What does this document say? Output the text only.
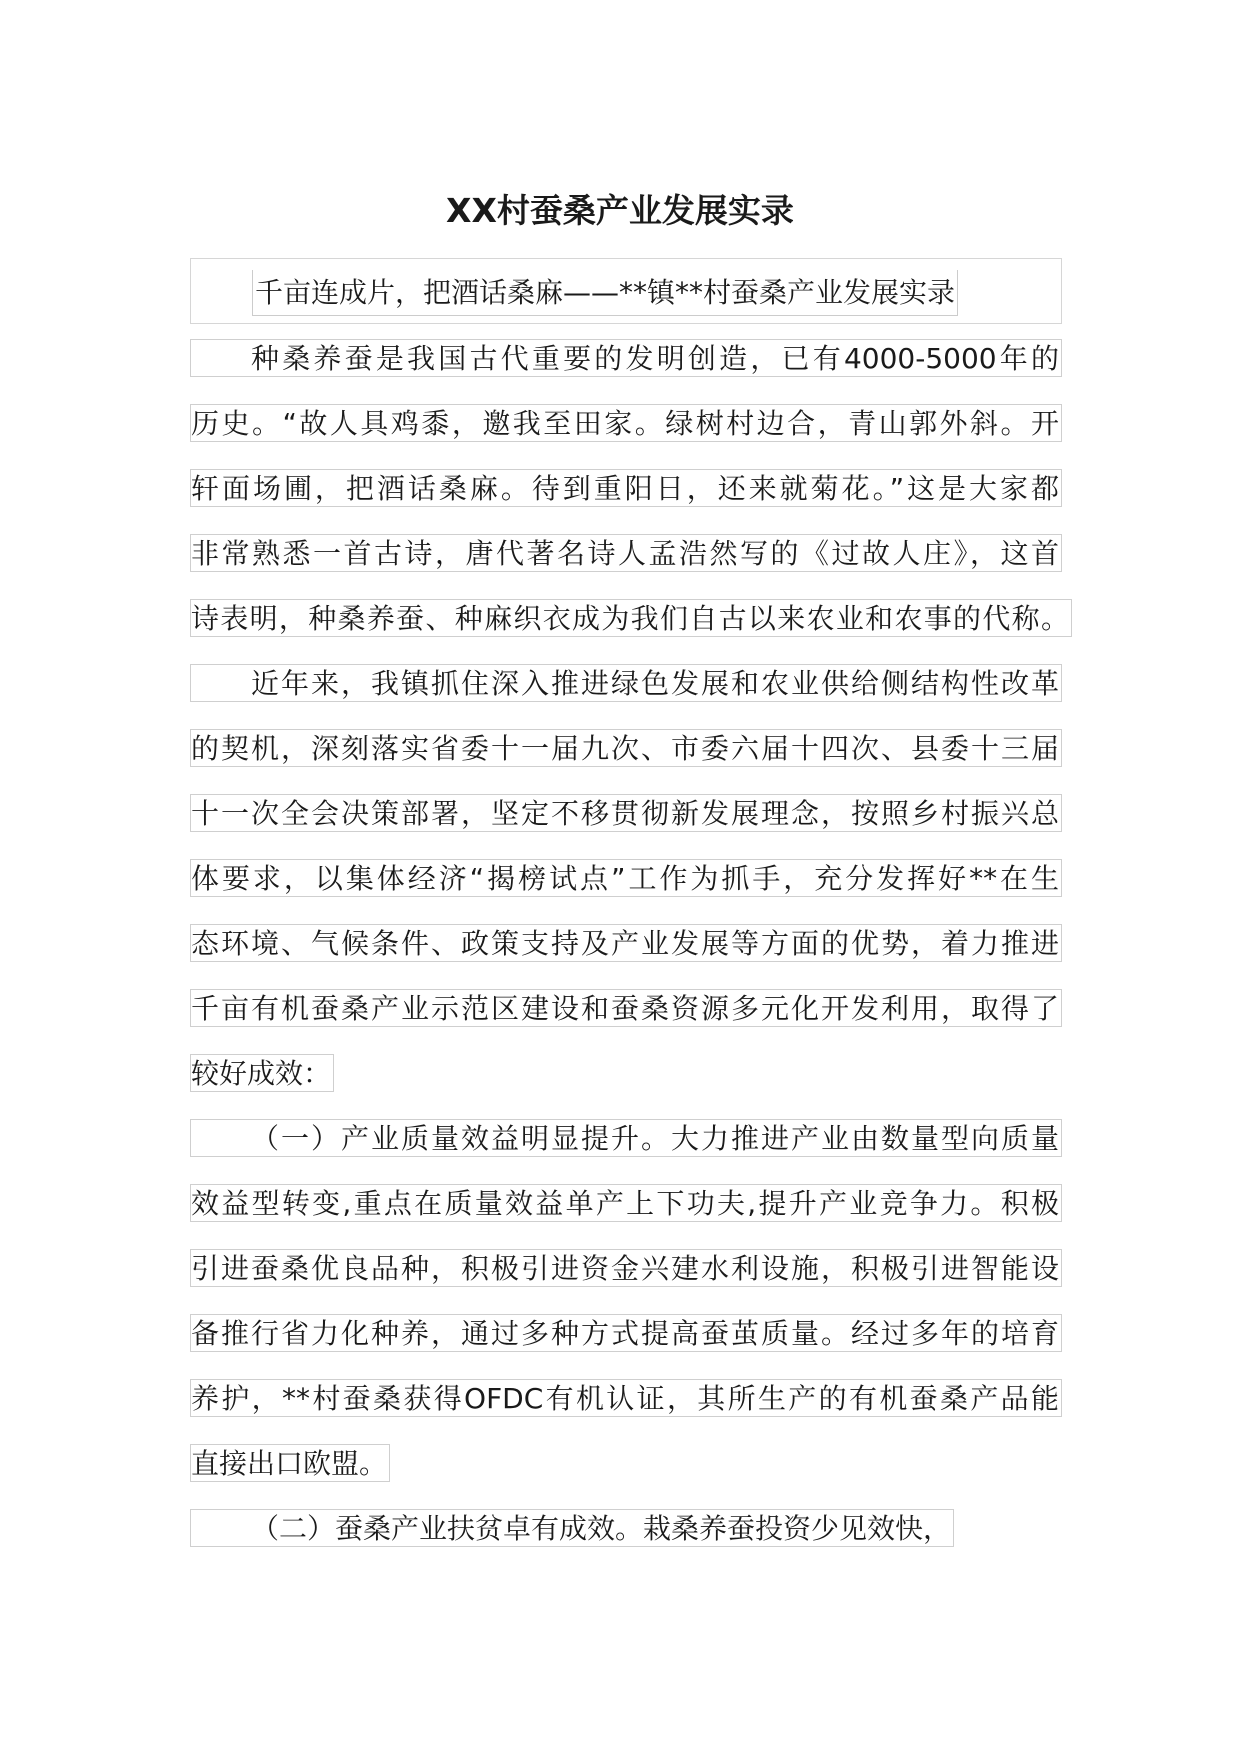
XX村蚕桑产业发展实录
千亩连成片，把酒话桑麻——**镇**村蚕桑产业发展实录
种桑养蚕是我国古代重要的发明创造，已有4000-5000年的
历史。“故人具鸡黍，邀我至田家。绿树村边合，青山郭外斜。开
轩面场圃，把酒话桑麻。待到重阳日，还来就菊花。”这是大家都
非常熟悉一首古诗，唐代著名诗人孟浩然写的《过故人庄》，这首
诗表明，种桑养蚕、种麻织衣成为我们自古以来农业和农事的代称。
近年来，我镇抓住深入推进绿色发展和农业供给侧结构性改革
的契机，深刻落实省委十一届九次、市委六届十四次、县委十三届
十一次全会决策部署，坚定不移贯彻新发展理念，按照乡村振兴总
体要求，以集体经济“揭榜试点”工作为抓手，充分发挥好**在生
态环境、气候条件、政策支持及产业发展等方面的优势，着力推进
千亩有机蚕桑产业示范区建设和蚕桑资源多元化开发利用，取得了
较好成效：
（一）产业质量效益明显提升。大力推进产业由数量型向质量
效益型转变,重点在质量效益单产上下功夫,提升产业竞争力。积极
引进蚕桑优良品种，积极引进资金兴建水利设施，积极引进智能设
备推行省力化种养，通过多种方式提高蚕茧质量。经过多年的培育
养护，**村蚕桑获得OFDC有机认证，其所生产的有机蚕桑产品能
直接出口欧盟。
（二）蚕桑产业扶贫卓有成效。栽桑养蚕投资少见效快，
